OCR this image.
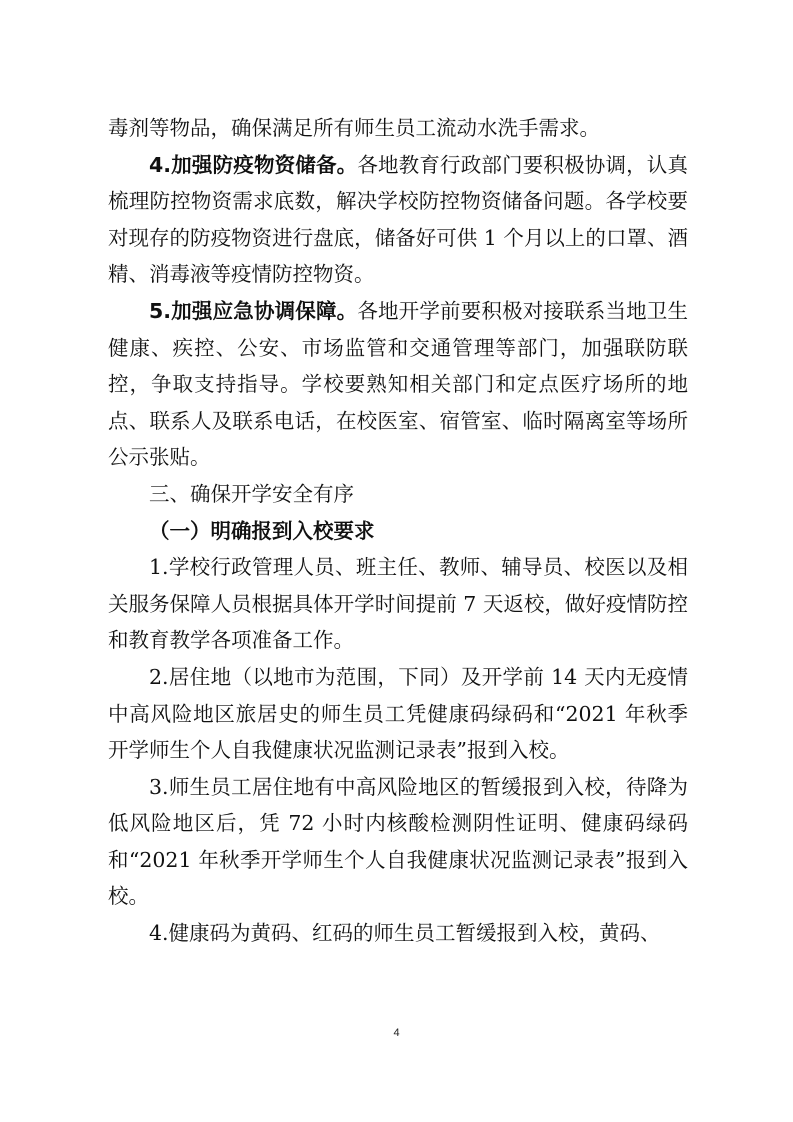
毒剂等物品，确保满足所有师生员工流动水洗手需求。

4.加强防疫物资储备。各地教育行政部门要积极协调，认真梳理防控物资需求底数，解决学校防控物资储备问题。各学校要对现存的防疫物资进行盘底，储备好可供 1 个月以上的口罩、酒精、消毒液等疫情防控物资。

5.加强应急协调保障。各地开学前要积极对接联系当地卫生健康、疾控、公安、市场监管和交通管理等部门，加强联防联控，争取支持指导。学校要熟知相关部门和定点医疗场所的地点、联系人及联系电话，在校医室、宿管室、临时隔离室等场所公示张贴。

三、确保开学安全有序

（一）明确报到入校要求

1.学校行政管理人员、班主任、教师、辅导员、校医以及相关服务保障人员根据具体开学时间提前 7 天返校，做好疫情防控和教育教学各项准备工作。

2.居住地（以地市为范围，下同）及开学前 14 天内无疫情中高风险地区旅居史的师生员工凭健康码绿码和“2021 年秋季开学师生个人自我健康状况监测记录表”报到入校。

3.师生员工居住地有中高风险地区的暂缓报到入校，待降为低风险地区后，凭 72 小时内核酸检测阴性证明、健康码绿码和“2021 年秋季开学师生个人自我健康状况监测记录表”报到入校。

4.健康码为黄码、红码的师生员工暂缓报到入校，黄码、

4
